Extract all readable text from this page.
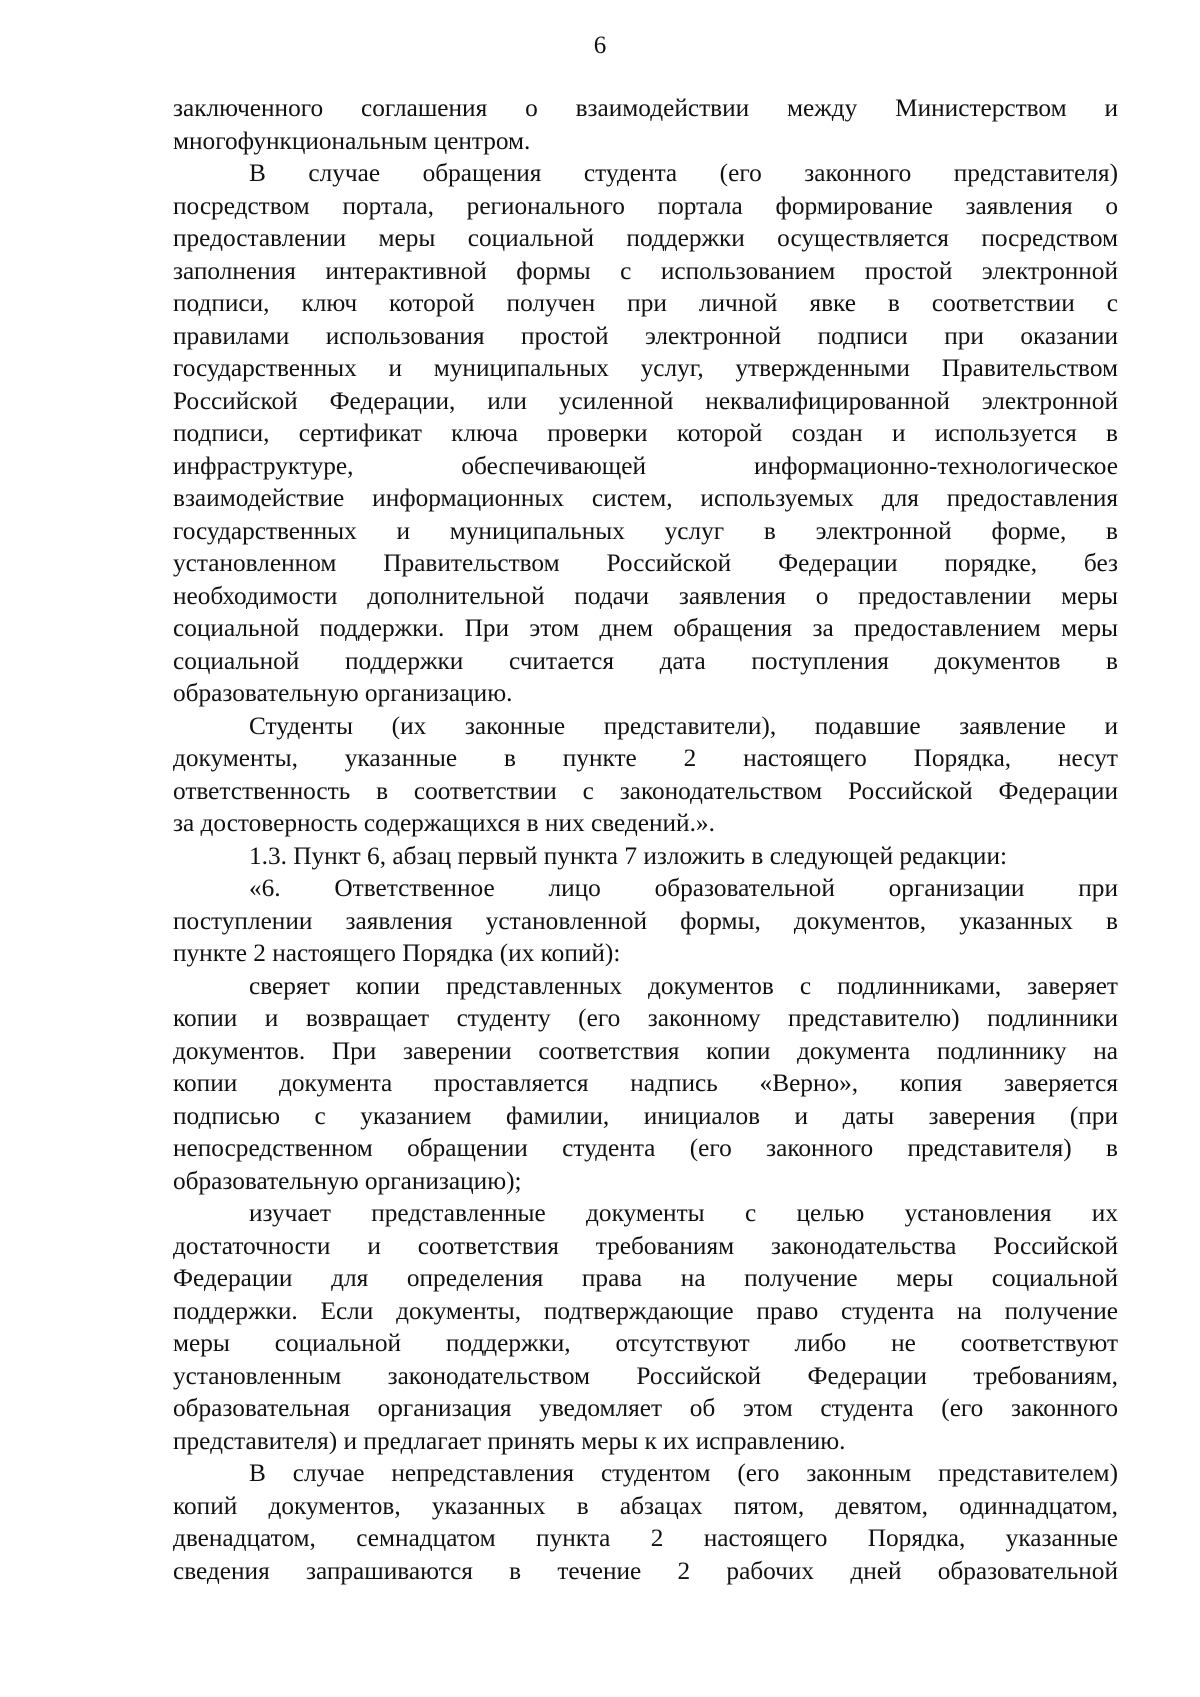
6
заключенного соглашения о взаимодействии между Министерством и
многофункциональным центром.
В случае обращения студента (его законного представителя)
посредством портала, регионального портала формирование заявления о
предоставлении меры социальной поддержки осуществляется посредством
заполнения интерактивной формы с использованием простой электронной
подписи, ключ которой получен при личной явке в соответствии с
правилами использования простой электронной подписи при оказании
государственных и муниципальных услуг, утвержденными Правительством
Российской Федерации, или усиленной неквалифицированной электронной
подписи, сертификат ключа проверки которой создан и используется в
инфраструктуре, обеспечивающей информационно-технологическое
взаимодействие информационных систем, используемых для предоставления
государственных и муниципальных услуг в электронной форме, в
установленном Правительством Российской Федерации порядке, без
необходимости дополнительной подачи заявления о предоставлении меры
социальной поддержки. При этом днем обращения за предоставлением меры
социальной поддержки считается дата поступления документов в
образовательную организацию.
Студенты (их законные представители), подавшие заявление и
документы, указанные в пункте 2 настоящего Порядка, несут
ответственность в соответствии с законодательством Российской Федерации
за достоверность содержащихся в них сведений.».
1.3. Пункт 6, абзац первый пункта 7 изложить в следующей редакции:
«6. Ответственное лицо образовательной организации при
поступлении заявления установленной формы, документов, указанных в
пункте 2 настоящего Порядка (их копий):
сверяет копии представленных документов с подлинниками, заверяет
копии и возвращает студенту (его законному представителю) подлинники
документов. При заверении соответствия копии документа подлиннику на
копии документа проставляется надпись «Верно», копия заверяется
подписью с указанием фамилии, инициалов и даты заверения (при
непосредственном обращении студента (его законного представителя) в
образовательную организацию);
изучает представленные документы с целью установления их
достаточности и соответствия требованиям законодательства Российской
Федерации для определения права на получение меры социальной
поддержки. Если документы, подтверждающие право студента на получение
меры социальной поддержки, отсутствуют либо не соответствуют
установленным законодательством Российской Федерации требованиям,
образовательная организация уведомляет об этом студента (его законного
представителя) и предлагает принять меры к их исправлению.
В случае непредставления студентом (его законным представителем)
копий документов, указанных в абзацах пятом, девятом, одиннадцатом,
двенадцатом, семнадцатом пункта 2 настоящего Порядка, указанные
сведения запрашиваются в течение 2 рабочих дней образовательной
